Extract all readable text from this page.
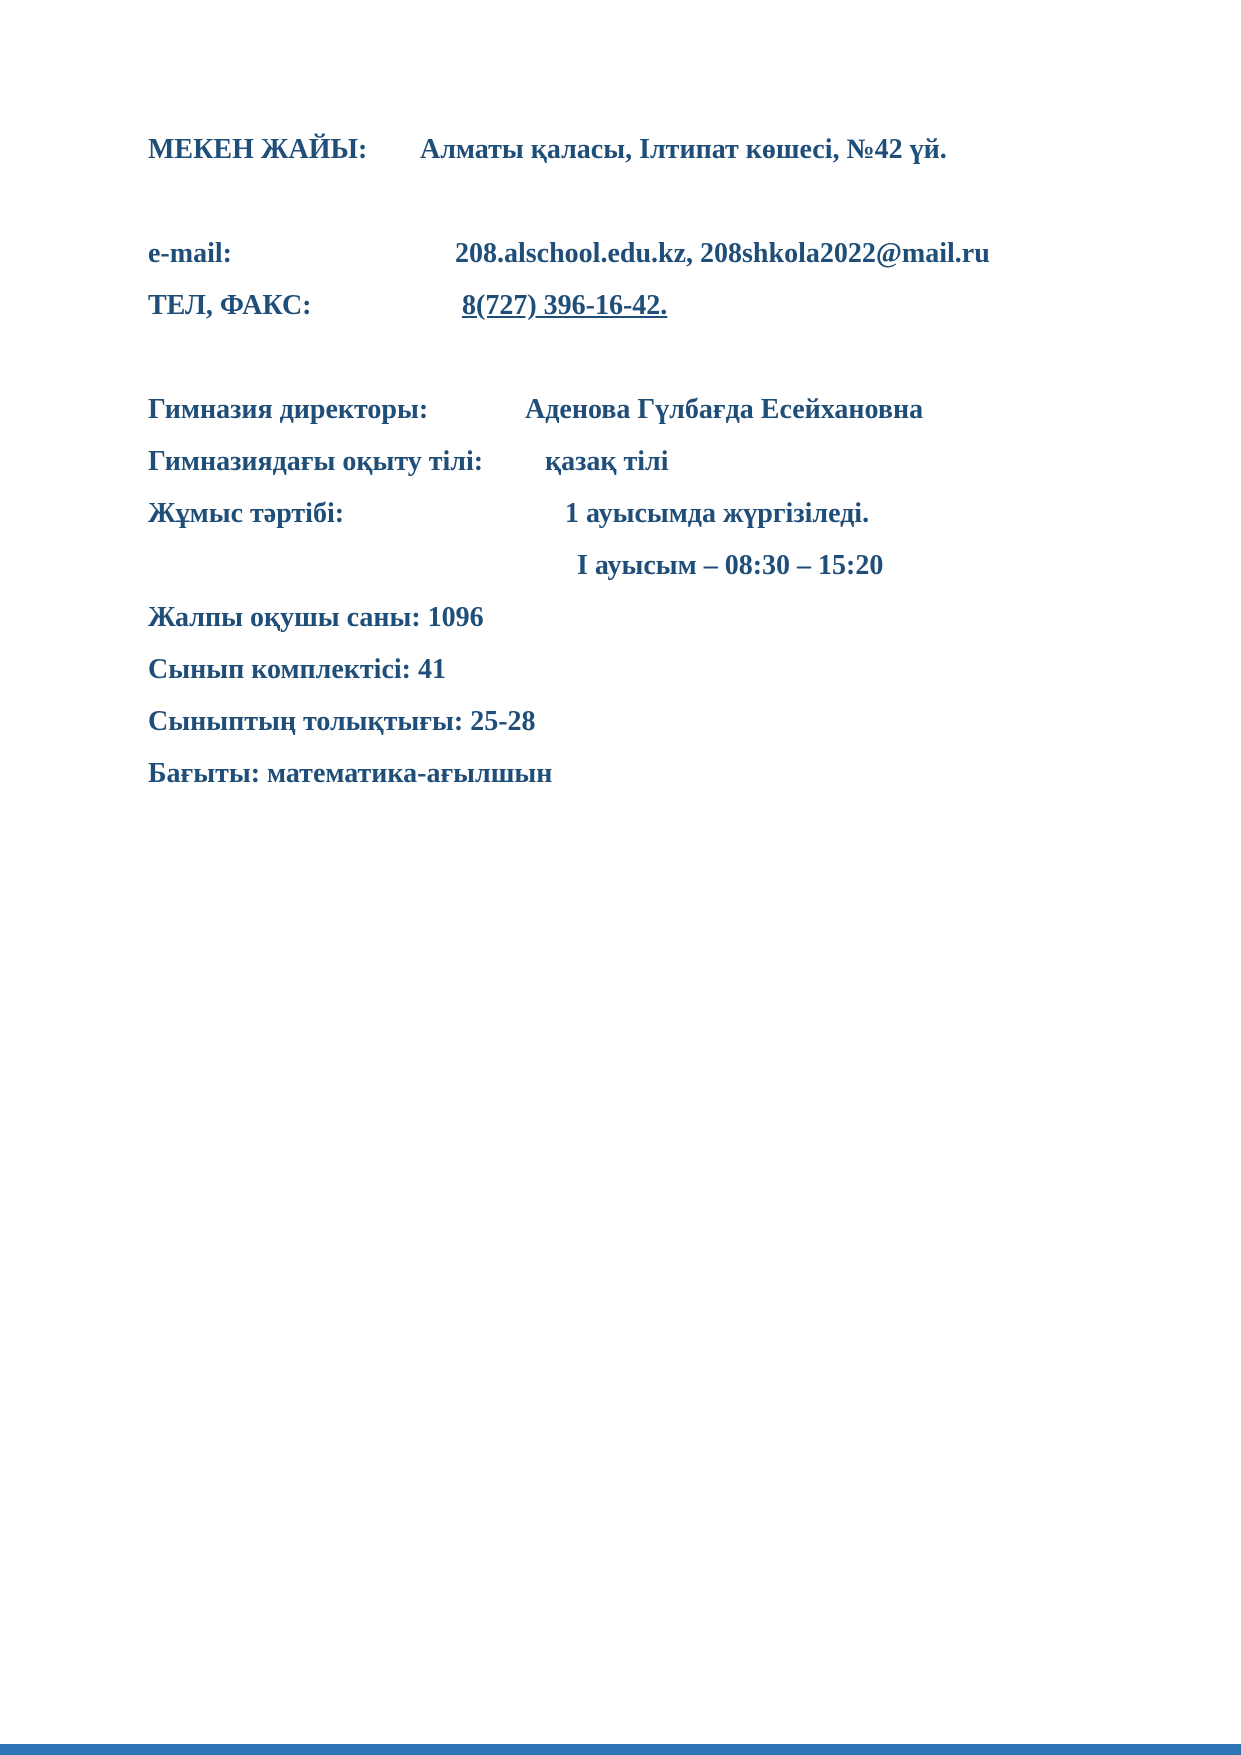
МЕКЕН ЖАЙЫ:	Алматы қаласы, Ілтипат көшесі, №42 үй.
e-mail:	208.alschool.edu.kz, 208shkola2022@mail.ru
ТЕЛ, ФАКС:	8(727) 396-16-42.
Гимназия директоры:	Аденова Гүлбағда Есейхановна
Гимназиядағы оқыту тілі:	қазақ тілі
Жұмыс тәртібі:	1 ауысымда жүргізіледі.
I ауысым – 08:30 – 15:20
Жалпы оқушы саны: 1096
Сынып комплектісі: 41
Сыныптың толықтығы: 25-28
Бағыты: математика-ағылшын
